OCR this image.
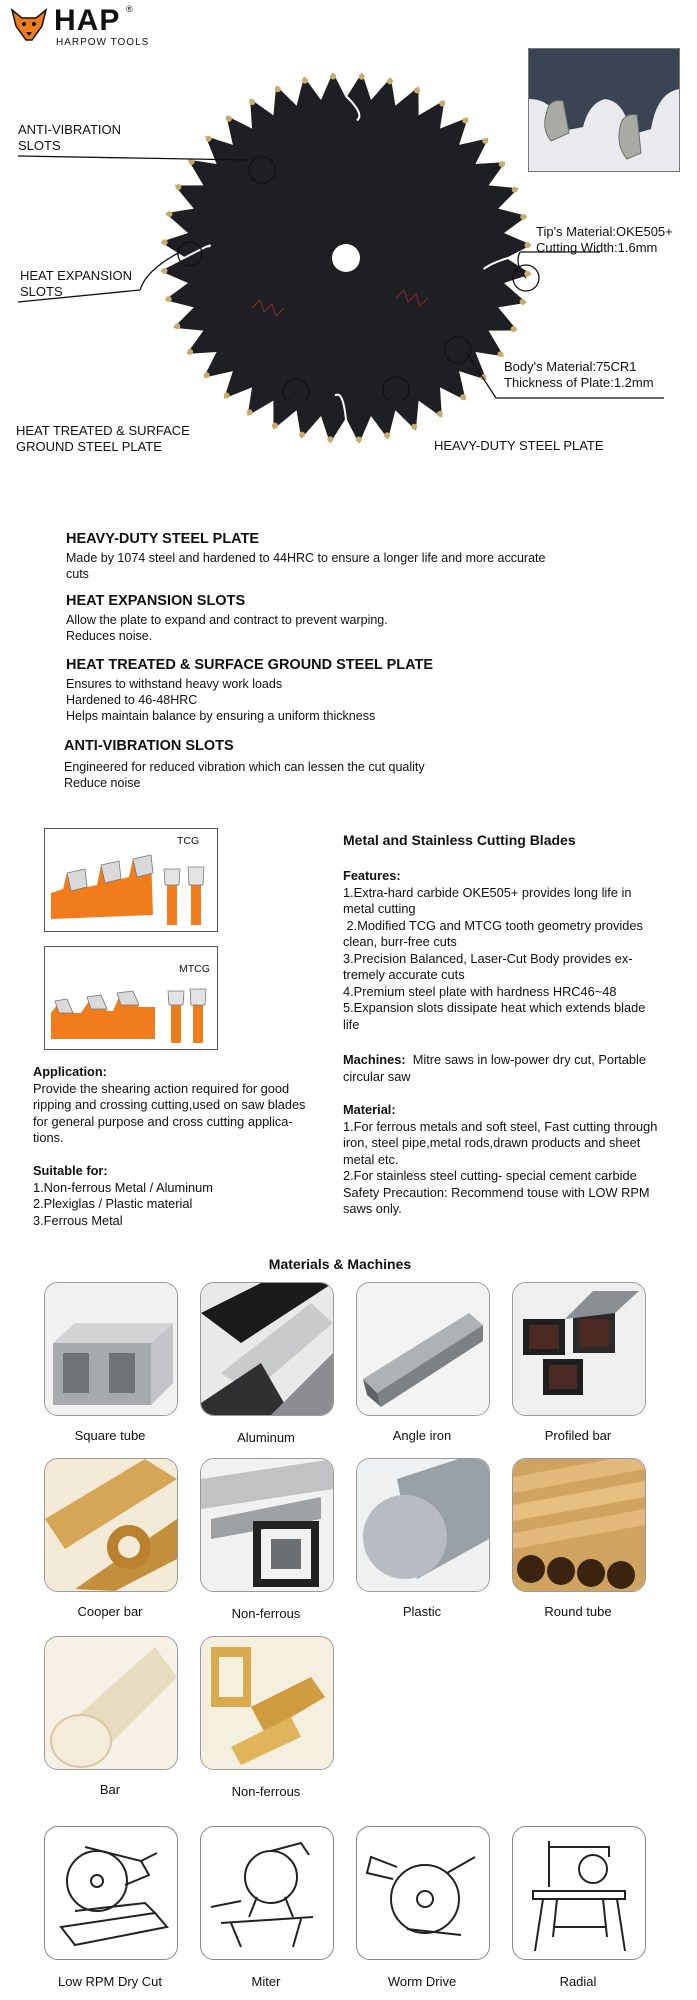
HAP ®
HARPOW TOOLS
ANTI-VIBRATION
SLOTS
HEAT EXPANSION
SLOTS
HEAT TREATED & SURFACE
GROUND STEEL PLATE
Tip's Material:OKE505+
Cutting Width:1.6mm
Body's Material:75CR1
Thickness of Plate:1.2mm
HEAVY-DUTY STEEL PLATE
HEAVY-DUTY STEEL PLATE
Made by 1074 steel and hardened to 44HRC to ensure a longer life and more accurate
cuts
HEAT EXPANSION SLOTS
Allow the plate to expand and contract to prevent warping.
Reduces noise.
HEAT TREATED & SURFACE GROUND STEEL PLATE
Ensures to withstand heavy work loads
Hardened to 46-48HRC
Helps maintain balance by ensuring a uniform thickness
ANTI-VIBRATION SLOTS
Engineered for reduced vibration which can lessen the cut quality
Reduce noise
TCG
MTCG
Application:
Provide the shearing action required for good
ripping and crossing cutting,used on saw blades
for general purpose and cross cutting applica-
tions.
Suitable for:
1.Non-ferrous Metal / Aluminum
2.Plexiglas / Plastic material
3.Ferrous Metal
Metal and Stainless Cutting Blades
Features:
1.Extra-hard carbide OKE505+ provides long life in
metal cutting
2.Modified TCG and MTCG tooth geometry provides
clean, burr-free cuts
3.Precision Balanced, Laser-Cut Body provides ex-
tremely accurate cuts
4.Premium steel plate with hardness HRC46~48
5.Expansion slots dissipate heat which extends blade
life
Machines: Mitre saws in low-power dry cut, Portable
circular saw
Material:
1.For ferrous metals and soft steel, Fast cutting through
iron, steel pipe,metal rods,drawn products and sheet
metal etc.
2.For stainless steel cutting- special cement carbide
Safety Precaution: Recommend touse with LOW RPM
saws only.
Materials & Machines
Square tube	Aluminum	Angle iron	Profiled bar
Cooper bar	Non-ferrous	Plastic	Round tube
Bar	Non-ferrous
Low RPM Dry Cut	Miter	Worm Drive	Radial
